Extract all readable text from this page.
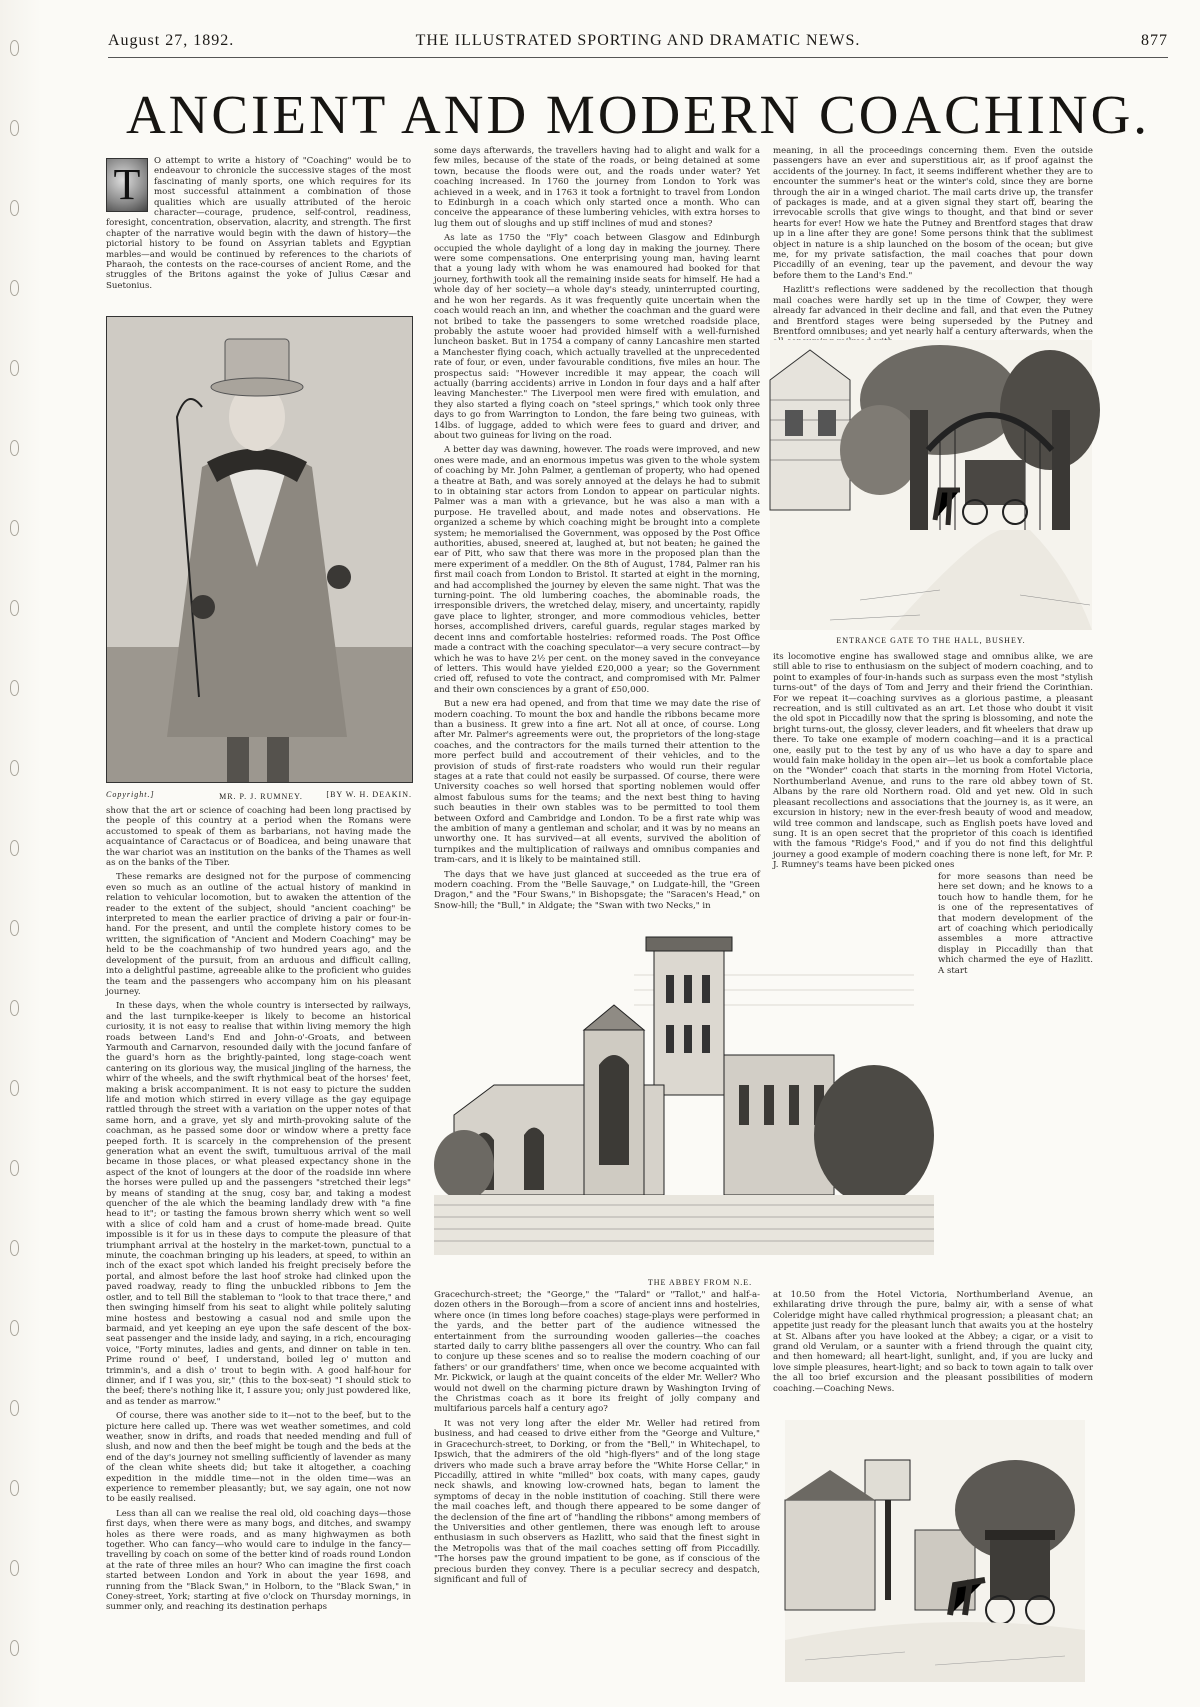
August 27, 1892.	THE ILLUSTRATED SPORTING AND DRAMATIC NEWS.	877
ANCIENT AND MODERN COACHING.
T	O attempt to write a history of "Coaching" would be to endeavour to chronicle the successive stages of the most fascinating of manly sports, one which requires for its most successful attainment a combination of those qualities which are usually attributed of the heroic character—courage, prudence, self-control, readiness, foresight, concentration, observation, alacrity, and strength. The first chapter of the narrative would begin with the dawn of history—the pictorial history to be found on Assyrian tablets and Egyptian marbles—and would be continued by references to the chariots of Pharaoh, the contests on the race-courses of ancient Rome, and the struggles of the Britons against the yoke of Julius Cæsar and Suetonius.

Copyright.]	MR. P. J. RUMNEY.	[BY W. H. DEAKIN.

show that the art or science of coaching had been long practised by the people of this country at a period when the Romans were accustomed to speak of them as barbarians, not having made the acquaintance of Caractacus or of Boadicea, and being unaware that the war chariot was an institution on the banks of the Thames as well as on the banks of the Tiber.

These remarks are designed not for the purpose of commencing even so much as an outline of the actual history of mankind in relation to vehicular locomotion, but to awaken the attention of the reader to the extent of the subject, should "ancient coaching" be interpreted to mean the earlier practice of driving a pair or four-in-hand. For the present, and until the complete history comes to be written, the signification of "Ancient and Modern Coaching" may be held to be the coachmanship of two hundred years ago, and the development of the pursuit, from an arduous and difficult calling, into a delightful pastime, agreeable alike to the proficient who guides the team and the passengers who accompany him on his pleasant journey.

In these days, when the whole country is intersected by railways, and the last turnpike-keeper is likely to become an historical curiosity, it is not easy to realise that within living memory the high roads between Land's End and John-o'-Groats, and between Yarmouth and Carnarvon, resounded daily with the jocund fanfare of the guard's horn as the brightly-painted, long stage-coach went cantering on its glorious way, the musical jingling of the harness, the whirr of the wheels, and the swift rhythmical beat of the horses' feet, making a brisk accompaniment. It is not easy to picture the sudden life and motion which stirred in every village as the gay equipage rattled through the street with a variation on the upper notes of that same horn, and a grave, yet sly and mirth-provoking salute of the coachman, as he passed some door or window where a pretty face peeped forth. It is scarcely in the comprehension of the present generation what an event the swift, tumultuous arrival of the mail became in those places, or what pleased expectancy shone in the aspect of the knot of loungers at the door of the roadside inn where the horses were pulled up and the passengers "stretched their legs" by means of standing at the snug, cosy bar, and taking a modest quencher of the ale which the beaming landlady drew with "a fine head to it"; or tasting the famous brown sherry which went so well with a slice of cold ham and a crust of home-made bread. Quite impossible is it for us in these days to compute the pleasure of that triumphant arrival at the hostelry in the market-town, punctual to a minute, the coachman bringing up his leaders, at speed, to within an inch of the exact spot which landed his freight precisely before the portal, and almost before the last hoof stroke had clinked upon the paved roadway, ready to fling the unbuckled ribbons to Jem the ostler, and to tell Bill the stableman to "look to that trace there," and then swinging himself from his seat to alight while politely saluting mine hostess and bestowing a casual nod and smile upon the barmaid, and yet keeping an eye upon the safe descent of the box-seat passenger and the inside lady, and saying, in a rich, encouraging voice, "Forty minutes, ladies and gents, and dinner on table in ten. Prime round o' beef, I understand, boiled leg o' mutton and trimmin's, and a dish o' trout to begin with. A good half-hour for dinner, and if I was you, sir," (this to the box-seat) "I should stick to the beef; there's nothing like it, I assure you; only just powdered like, and as tender as marrow."

Of course, there was another side to it—not to the beef, but to the picture here called up. There was wet weather sometimes, and cold weather, snow in drifts, and roads that needed mending and full of slush, and now and then the beef might be tough and the beds at the end of the day's journey not smelling sufficiently of lavender as many of the clean white sheets did; but take it altogether, a coaching expedition in the middle time—not in the olden time—was an experience to remember pleasantly; but, we say again, one not now to be easily realised.

Less than all can we realise the real old, old coaching days—those first days, when there were as many bogs, and ditches, and swampy holes as there were roads, and as many highwaymen as both together. Who can fancy—who would care to indulge in the fancy—travelling by coach on some of the better kind of roads round London at the rate of three miles an hour? Who can imagine the first coach started between London and York in about the year 1698, and running from the "Black Swan," in Holborn, to the "Black Swan," in Coney-street, York; starting at five o'clock on Thursday mornings, in summer only, and reaching its destination perhaps

some days afterwards, the travellers having had to alight and walk for a few miles, because of the state of the roads, or being detained at some town, because the floods were out, and the roads under water? Yet coaching increased. In 1760 the journey from London to York was achieved in a week, and in 1763 it took a fortnight to travel from London to Edinburgh in a coach which only started once a month. Who can conceive the appearance of these lumbering vehicles, with extra horses to lug them out of sloughs and up stiff inclines of mud and stones?

As late as 1750 the "Fly" coach between Glasgow and Edinburgh occupied the whole daylight of a long day in making the journey. There were some compensations. One enterprising young man, having learnt that a young lady with whom he was enamoured had booked for that journey, forthwith took all the remaining inside seats for himself. He had a whole day of her society—a whole day's steady, uninterrupted courting, and he won her regards. As it was frequently quite uncertain when the coach would reach an inn, and whether the coachman and the guard were not bribed to take the passengers to some wretched roadside place, probably the astute wooer had provided himself with a well-furnished luncheon basket. But in 1754 a company of canny Lancashire men started a Manchester flying coach, which actually travelled at the unprecedented rate of four, or even, under favourable conditions, five miles an hour. The prospectus said: "However incredible it may appear, the coach will actually (barring accidents) arrive in London in four days and a half after leaving Manchester." The Liverpool men were fired with emulation, and they also started a flying coach on "steel springs," which took only three days to go from Warrington to London, the fare being two guineas, with 14lbs. of luggage, added to which were fees to guard and driver, and about two guineas for living on the road.

A better day was dawning, however. The roads were improved, and new ones were made, and an enormous impetus was given to the whole system of coaching by Mr. John Palmer, a gentleman of property, who had opened a theatre at Bath, and was sorely annoyed at the delays he had to submit to in obtaining star actors from London to appear on particular nights. Palmer was a man with a grievance, but he was also a man with a purpose. He travelled about, and made notes and observations. He organized a scheme by which coaching might be brought into a complete system; he memorialised the Government, was opposed by the Post Office authorities, abused, sneered at, laughed at, but not beaten; he gained the ear of Pitt, who saw that there was more in the proposed plan than the mere experiment of a meddler. On the 8th of August, 1784, Palmer ran his first mail coach from London to Bristol. It started at eight in the morning, and had accomplished the journey by eleven the same night. That was the turning-point. The old lumbering coaches, the abominable roads, the irresponsible drivers, the wretched delay, misery, and uncertainty, rapidly gave place to lighter, stronger, and more commodious vehicles, better horses, accomplished drivers, careful guards, regular stages marked by decent inns and comfortable hostelries: reformed roads. The Post Office made a contract with the coaching speculator—a very secure contract—by which he was to have 2½ per cent. on the money saved in the conveyance of letters. This would have yielded £20,000 a year; so the Government cried off, refused to vote the contract, and compromised with Mr. Palmer and their own consciences by a grant of £50,000.

But a new era had opened, and from that time we may date the rise of modern coaching. To mount the box and handle the ribbons became more than a business. It grew into a fine art. Not all at once, of course. Long after Mr. Palmer's agreements were out, the proprietors of the long-stage coaches, and the contractors for the mails turned their attention to the more perfect build and accoutrement of their vehicles, and to the provision of studs of first-rate roadsters who would run their regular stages at a rate that could not easily be surpassed. Of course, there were University coaches so well horsed that sporting noblemen would offer almost fabulous sums for the teams; and the next best thing to having such beauties in their own stables was to be permitted to tool them between Oxford and Cambridge and London. To be a first rate whip was the ambition of many a gentleman and scholar, and it was by no means an unworthy one. It has survived—at all events, survived the abolition of turnpikes and the multiplication of railways and omnibus companies and tram-cars, and it is likely to be maintained still.

The days that we have just glanced at succeeded as the true era of modern coaching. From the "Belle Sauvage," on Ludgate-hill, the "Green Dragon," and the "Four Swans," in Bishopsgate; the "Saracen's Head," on Snow-hill; the "Bull," in Aldgate; the "Swan with two Necks," in

meaning, in all the proceedings concerning them. Even the outside passengers have an ever and superstitious air, as if proof against the accidents of the journey. In fact, it seems indifferent whether they are to encounter the summer's heat or the winter's cold, since they are borne through the air in a winged chariot. The mail carts drive up, the transfer of packages is made, and at a given signal they start off, bearing the irrevocable scrolls that give wings to thought, and that bind or sever hearts for ever! How we hate the Putney and Brentford stages that draw up in a line after they are gone! Some persons think that the sublimest object in nature is a ship launched on the bosom of the ocean; but give me, for my private satisfaction, the mail coaches that pour down Piccadilly of an evening, tear up the pavement, and devour the way before them to the Land's End."

Hazlitt's reflections were saddened by the recollection that though mail coaches were hardly set up in the time of Cowper, they were already far advanced in their decline and fall, and that even the Putney and Brentford stages were being superseded by the Putney and Brentford omnibuses; and yet nearly half a century afterwards, when the

ENTRANCE GATE TO THE HALL, BUSHEY.

its locomotive engine has swallowed stage and omnibus alike, we are still able to rise to enthusiasm on the subject of modern coaching, and to point to examples of four-in-hands such as surpass even the most "stylish turns-out" of the days of Tom and Jerry and their friend the Corinthian. For we repeat it—coaching survives as a glorious pastime, a pleasant recreation, and is still cultivated as an art. Let those who doubt it visit the old spot in Piccadilly now that the spring is blossoming, and note the bright turns-out, the glossy, clever leaders, and fit wheelers that draw up there. To take one example of modern coaching—and it is a practical one, easily put to the test by any of us who have a day to spare and would fain make holiday in the open air—let us book a comfortable place on the "Wonder" coach that starts in the morning from Hotel Victoria, Northumberland Avenue, and runs to the rare old abbey town of St. Albans by the rare old Northern road. Old and yet new. Old in such pleasant recollections and associations that the journey is, as it were, an excursion in history; new in the ever-fresh beauty of wood and meadow, wild tree common and landscape, such as English poets have loved and sung. It is an open secret that the proprietor of this coach is identified with the famous "Ridge's Food," and if you do not find this delightful journey a good example of modern coaching there is none left, for Mr. P. J. Rumney's teams have been picked ones

for more seasons than need be here set down; and he knows to a touch how to handle them, for he is one of the representatives of that modern development of the art of coaching which periodically assembles a more attractive display in Piccadilly than that which charmed the eye of Hazlitt. A start

THE ABBEY FROM N.E.

Gracechurch-street; the "George," the "Talard" or "Tallot," and half-a-dozen others in the Borough—from a score of ancient inns and hostelries, where once (in times long before coaches) stage-plays were performed in the yards, and the better part of the audience witnessed the entertainment from the surrounding wooden galleries—the coaches started daily to carry blithe passengers all over the country. Who can fail to conjure up these scenes and so to realise the modern coaching of our fathers' or our grandfathers' time, when once we become acquainted with Mr. Pickwick, or laugh at the quaint conceits of the elder Mr. Weller? Who would not dwell on the charming picture drawn by Washington Irving of the Christmas coach as it bore its freight of jolly company and multifarious parcels half a century ago?

It was not very long after the elder Mr. Weller had retired from business, and had ceased to drive either from the "George and Vulture," in Gracechurch-street, to Dorking, or from the "Bell," in Whitechapel, to Ipswich, that the admirers of the old "high-flyers" and of the long stage drivers who made such a brave array before the "White Horse Cellar," in Piccadilly, attired in white "milled" box coats, with many capes, gaudy neck shawls, and knowing low-crowned hats, began to lament the symptoms of decay in the noble institution of coaching. Still there were the mail coaches left, and though there appeared to be some danger of the declension of the fine art of "handling the ribbons" among members of the Universities and other gentlemen, there was enough left to arouse enthusiasm in such observers as Hazlitt, who said that the finest sight in the Metropolis was that of the mail coaches setting off from Piccadilly. "The horses paw the ground impatient to be gone, as if conscious of the precious burden they convey. There is a peculiar secrecy and despatch, significant and full of

at 10.50 from the Hotel Victoria, Northumberland Avenue, an exhilarating drive through the pure, balmy air, with a sense of what Coleridge might have called rhythmical progression; a pleasant chat; an appetite just ready for the pleasant lunch that awaits you at the hostelry at St. Albans after you have looked at the Abbey; a cigar, or a visit to grand old Verulam, or a saunter with a friend through the quaint city, and then homeward; all heart-light, sunlight, and, if you are lucky and love simple pleasures, heart-light; and so back to town again to talk over the all too brief excursion and the pleasant possibilities of modern coaching.—Coaching News.
